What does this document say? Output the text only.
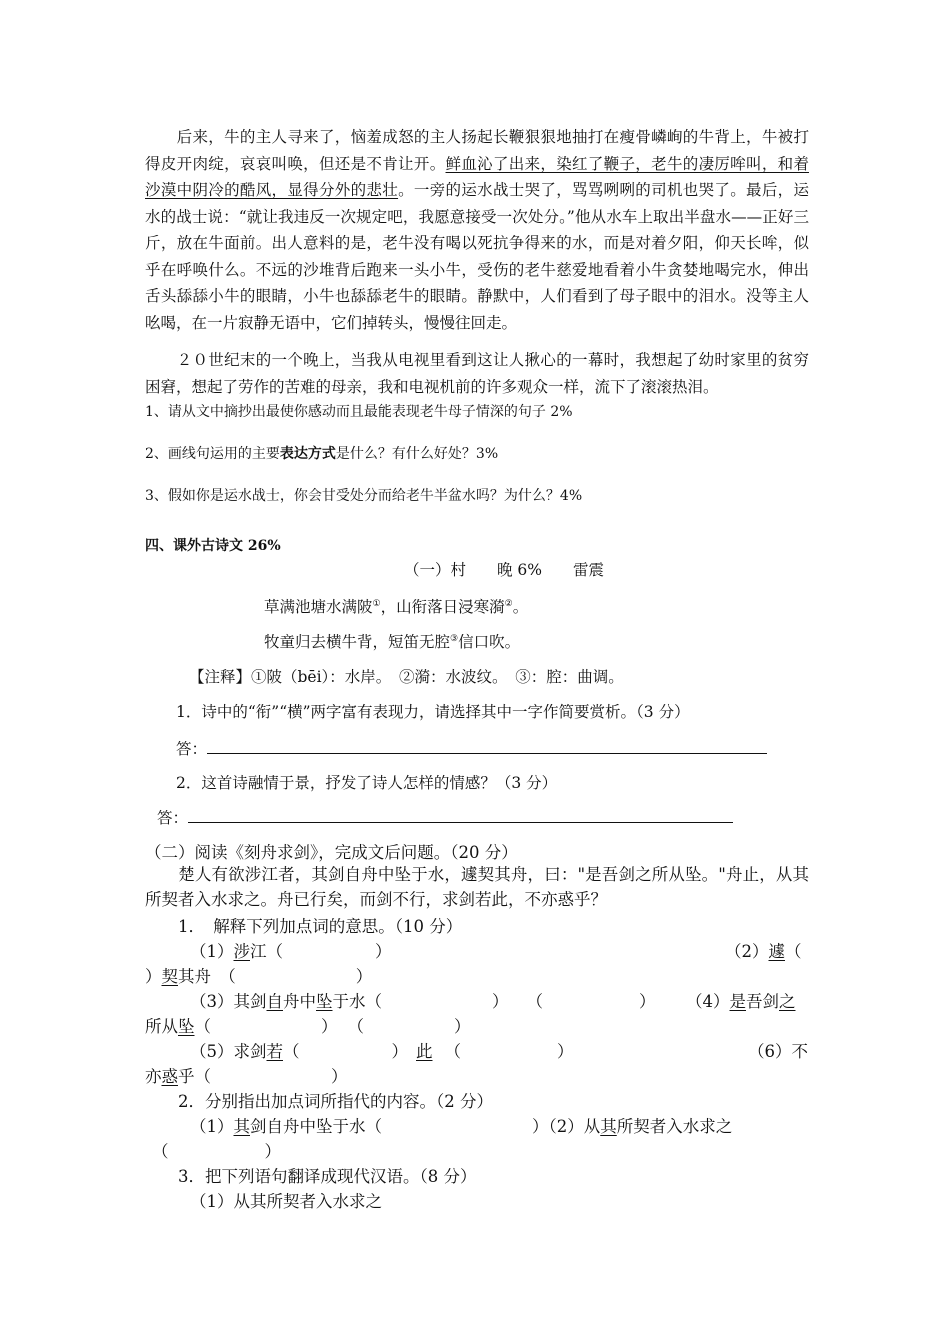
　　后来，牛的主人寻来了，恼羞成怒的主人扬起长鞭狠狠地抽打在瘦骨嶙峋的牛背上，牛被打得皮开肉绽，哀哀叫唤，但还是不肯让开。鲜血沁了出来，染红了鞭子，老牛的凄厉哞叫，和着沙漠中阴冷的酷风，显得分外的悲壮。一旁的运水战士哭了，骂骂咧咧的司机也哭了。最后，运水的战士说：“就让我违反一次规定吧，我愿意接受一次处分。”他从水车上取出半盘水——正好三斤，放在牛面前。出人意料的是，老牛没有喝以死抗争得来的水，而是对着夕阳，仰天长哞，似乎在呼唤什么。不远的沙堆背后跑来一头小牛，受伤的老牛慈爱地看着小牛贪婪地喝完水，伸出舌头舔舔小牛的眼睛，小牛也舔舔老牛的眼睛。静默中，人们看到了母子眼中的泪水。没等主人吆喝，在一片寂静无语中，它们掉转头，慢慢往回走。
　　２０世纪末的一个晚上，当我从电视里看到这让人揪心的一幕时，我想起了幼时家里的贫穷困窘，想起了劳作的苦难的母亲，我和电视机前的许多观众一样，流下了滚滚热泪。
1、请从文中摘抄出最使你感动而且最能表现老牛母子情深的句子 2%
2、画线句运用的主要表达方式是什么？有什么好处？3%
3、假如你是运水战士，你会甘受处分而给老牛半盆水吗？为什么？4%
四、课外古诗文 26%
（一）村　　晚 6%　　雷震
草满池塘水满陂①，山衔落日浸寒漪②。
牧童归去横牛背，短笛无腔③信口吹。
【注释】①陂（bēi）：水岸。　②漪：水波纹。　③：腔：曲调。
1．诗中的“衔”“横”两字富有表现力，请选择其中一字作简要赏析。（3 分）
答：
2．这首诗融情于景，抒发了诗人怎样的情感？（3 分）
答：
（二）阅读《刻舟求剑》，完成文后问题。（20 分）
　　楚人有欲涉江者，其剑自舟中坠于水，遽契其舟，曰："是吾剑之所从坠。"舟止，从其所契者入水求之。舟已行矣，而剑不行，求剑若此，不亦惑乎？
1．　解释下列加点词的意思。（10 分）
（1）涉江（	）	（2）遽（
）契其舟　（	）
（3）其剑自舟中坠于水（	） （	） （4）是吾剑之
所从坠（	） （	）
（5）求剑若（	） 此 （	）	（6）不
亦惑乎（	）
2．分别指出加点词所指代的内容。（2 分）
（1）其剑自舟中坠于水（	）（2）从其所契者入水求之
（	）
3．把下列语句翻译成现代汉语。（8 分）
（1）从其所契者入水求之
